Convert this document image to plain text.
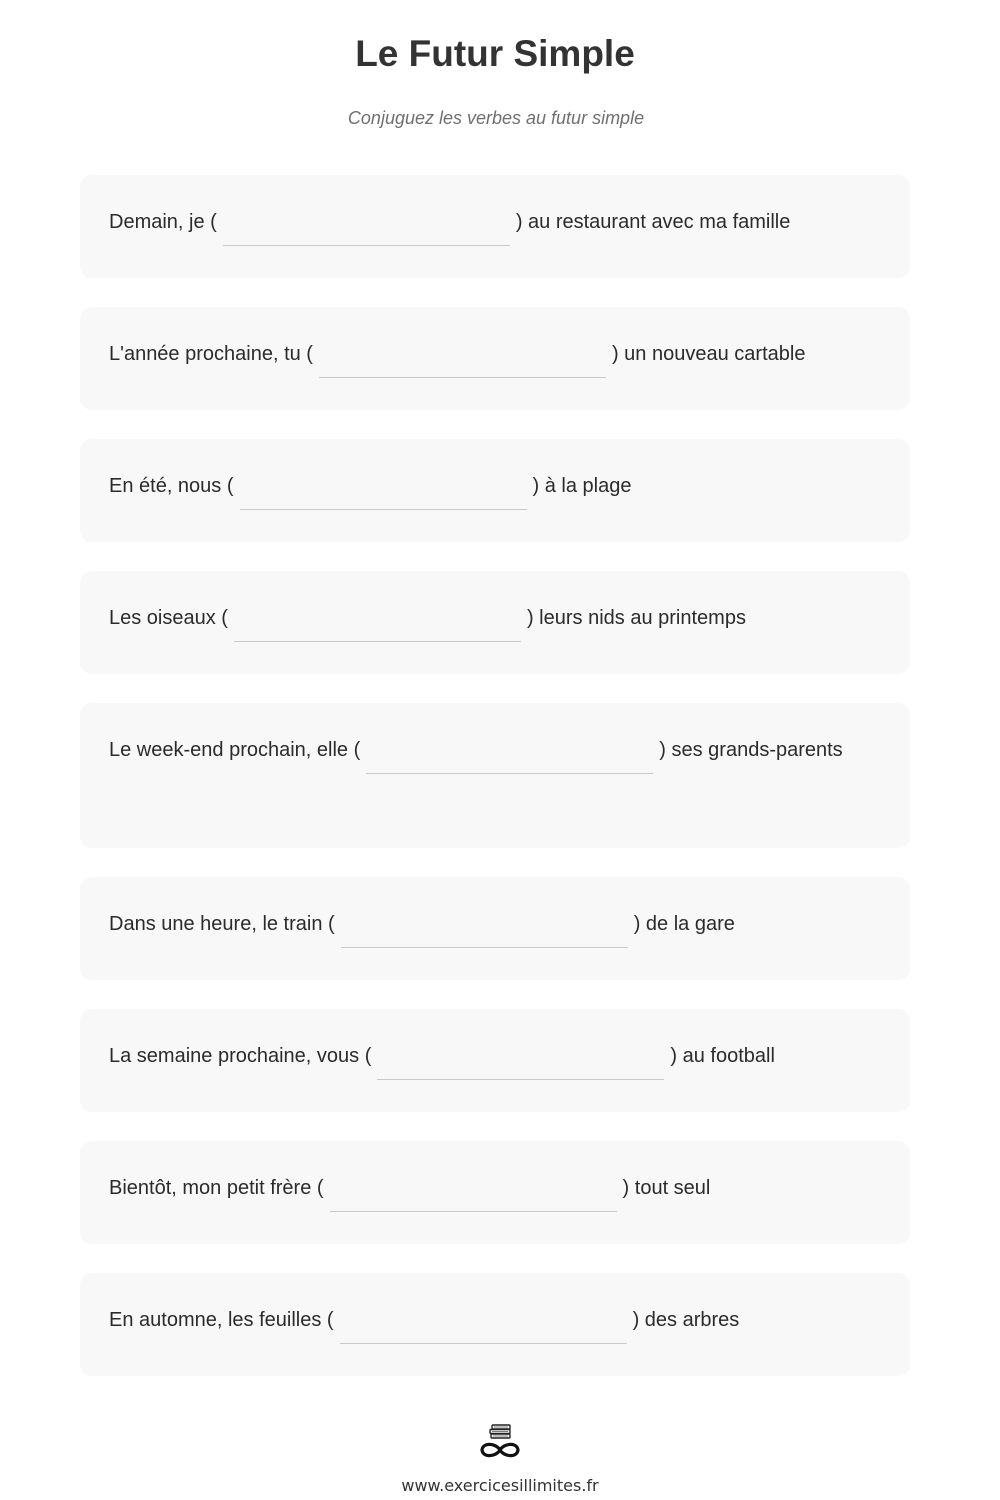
Le Futur Simple

Conjuguez les verbes au futur simple

Demain, je (	) au restaurant avec ma famille
L'année prochaine, tu (	) un nouveau cartable
En été, nous (	) à la plage
Les oiseaux (	) leurs nids au printemps
Le week-end prochain, elle (	) ses grands-parents
Dans une heure, le train (	) de la gare
La semaine prochaine, vous (	) au football
Bientôt, mon petit frère (	) tout seul
En automne, les feuilles (	) des arbres
www.exercicesillimites.fr
